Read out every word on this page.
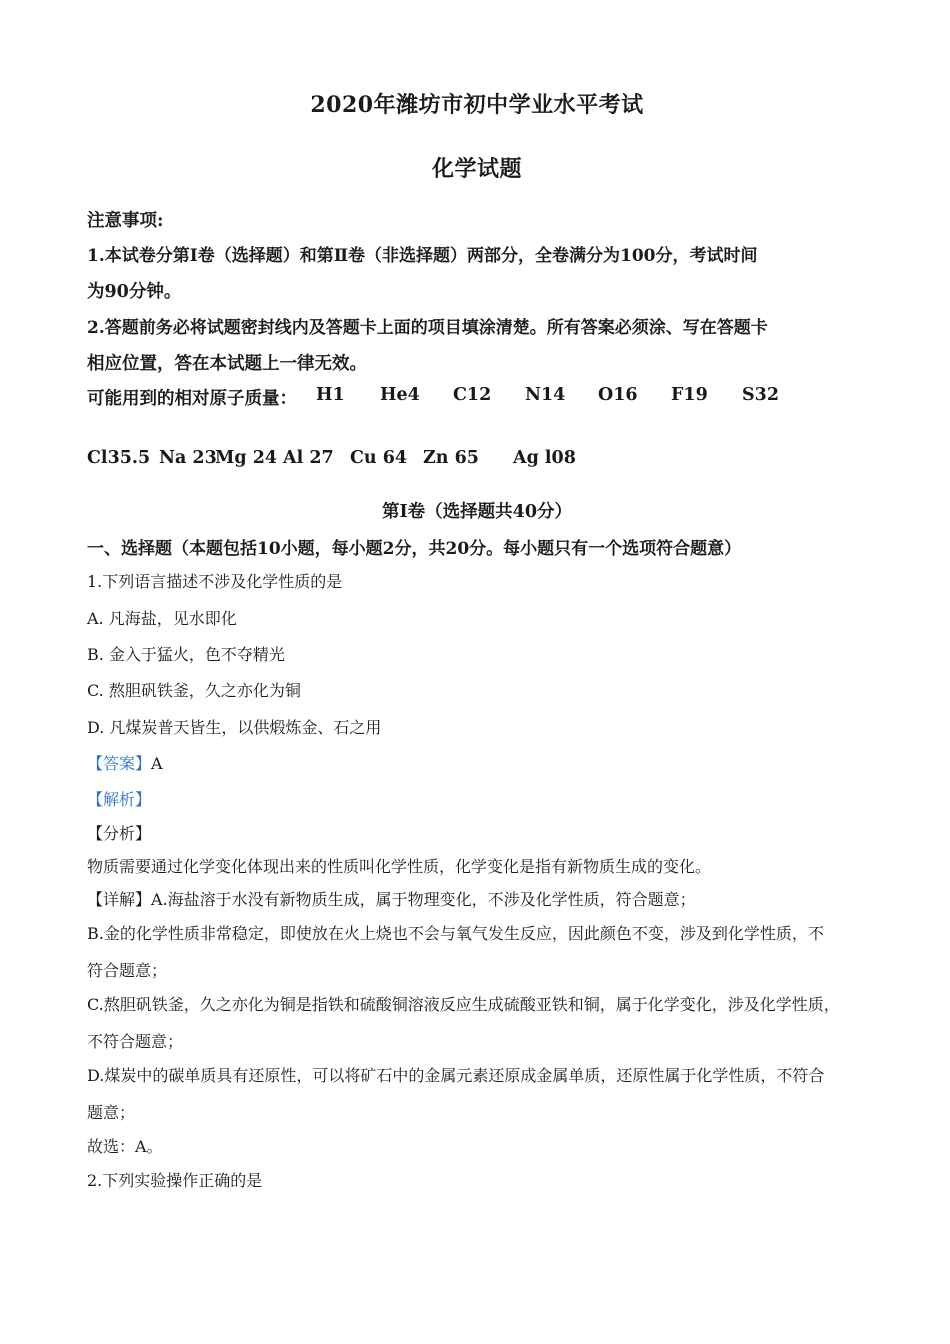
2020年潍坊市初中学业水平考试
化学试题
注意事项:
1.本试卷分第Ⅰ卷（选择题）和第Ⅱ卷（非选择题）两部分，全卷满分为100分，考试时间
为90分钟。
2.答题前务必将试题密封线内及答题卡上面的项目填涂清楚。所有答案必须涂、写在答题卡
相应位置，答在本试题上一律无效。
可能用到的相对原子质量： H1 He4 C12 N14 O16 F19 S32
Cl35.5 Na 23
Mg 24 Al 27 Cu 64 Zn 65 Ag l08
第Ⅰ卷（选择题共40分）
一、选择题（本题包括10小题，每小题2分，共20分。每小题只有一个选项符合题意）
1.下列语言描述不涉及化学性质的是
A. 凡海盐，见水即化
B. 金入于猛火，色不夺精光
C. 熬胆矾铁釜，久之亦化为铜
D. 凡煤炭普天皆生，以供煅炼金、石之用
【答案】A
【解析】
【分析】
物质需要通过化学变化体现出来的性质叫化学性质，化学变化是指有新物质生成的变化。
【详解】A.海盐溶于水没有新物质生成，属于物理变化，不涉及化学性质，符合题意；
B.金的化学性质非常稳定，即使放在火上烧也不会与氧气发生反应，因此颜色不变，涉及到化学性质，不
符合题意；
C.熬胆矾铁釜，久之亦化为铜是指铁和硫酸铜溶液反应生成硫酸亚铁和铜，属于化学变化，涉及化学性质，
不符合题意；
D.煤炭中的碳单质具有还原性，可以将矿石中的金属元素还原成金属单质，还原性属于化学性质，不符合
题意；
故选：A。
2.下列实验操作正确的是
